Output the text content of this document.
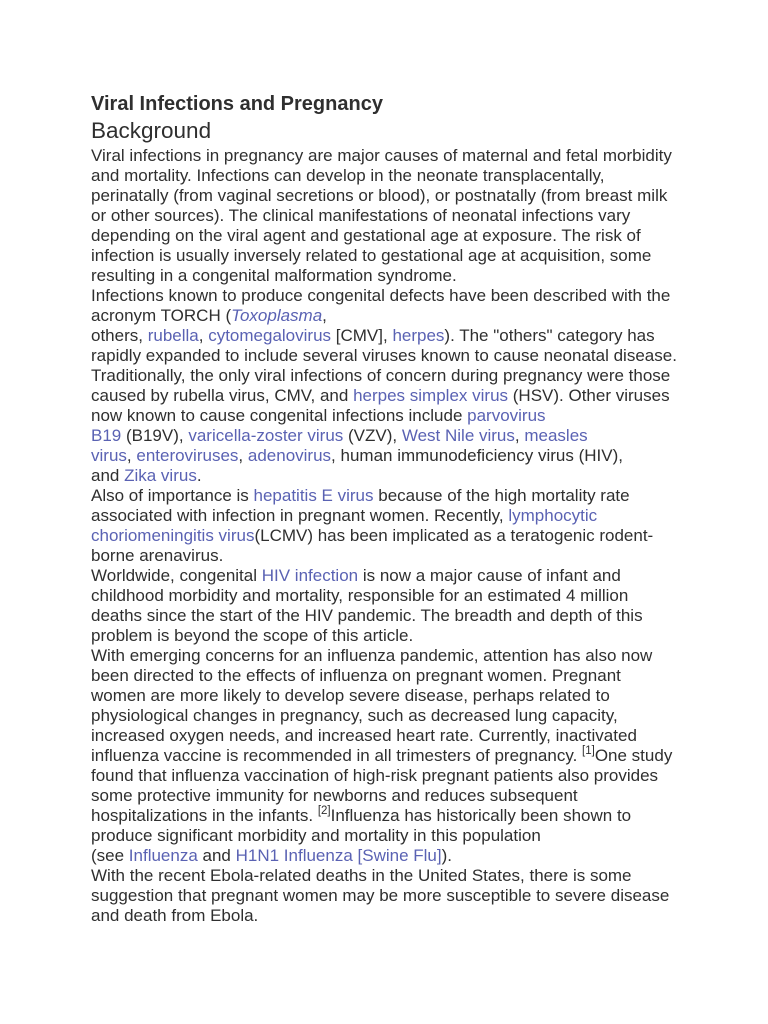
Viral Infections and Pregnancy
Background
Viral infections in pregnancy are major causes of maternal and fetal morbidity
and mortality. Infections can develop in the neonate transplacentally,
perinatally (from vaginal secretions or blood), or postnatally (from breast milk
or other sources). The clinical manifestations of neonatal infections vary
depending on the viral agent and gestational age at exposure. The risk of
infection is usually inversely related to gestational age at acquisition, some
resulting in a congenital malformation syndrome.
Infections known to produce congenital defects have been described with the
acronym TORCH (Toxoplasma,
others, rubella, cytomegalovirus [CMV], herpes). The "others" category has
rapidly expanded to include several viruses known to cause neonatal disease.
Traditionally, the only viral infections of concern during pregnancy were those
caused by rubella virus, CMV, and herpes simplex virus (HSV). Other viruses
now known to cause congenital infections include parvovirus
B19 (B19V), varicella-zoster virus (VZV), West Nile virus, measles
virus, enteroviruses, adenovirus, human immunodeficiency virus (HIV),
and Zika virus.
Also of importance is hepatitis E virus because of the high mortality rate
associated with infection in pregnant women. Recently, lymphocytic
choriomeningitis virus(LCMV) has been implicated as a teratogenic rodent-
borne arenavirus.
Worldwide, congenital HIV infection is now a major cause of infant and
childhood morbidity and mortality, responsible for an estimated 4 million
deaths since the start of the HIV pandemic. The breadth and depth of this
problem is beyond the scope of this article.
With emerging concerns for an influenza pandemic, attention has also now
been directed to the effects of influenza on pregnant women. Pregnant
women are more likely to develop severe disease, perhaps related to
physiological changes in pregnancy, such as decreased lung capacity,
increased oxygen needs, and increased heart rate. Currently, inactivated
influenza vaccine is recommended in all trimesters of pregnancy. [1]One study
found that influenza vaccination of high-risk pregnant patients also provides
some protective immunity for newborns and reduces subsequent
hospitalizations in the infants. [2]Influenza has historically been shown to
produce significant morbidity and mortality in this population
(see Influenza and H1N1 Influenza [Swine Flu]).
With the recent Ebola-related deaths in the United States, there is some
suggestion that pregnant women may be more susceptible to severe disease
and death from Ebola.
